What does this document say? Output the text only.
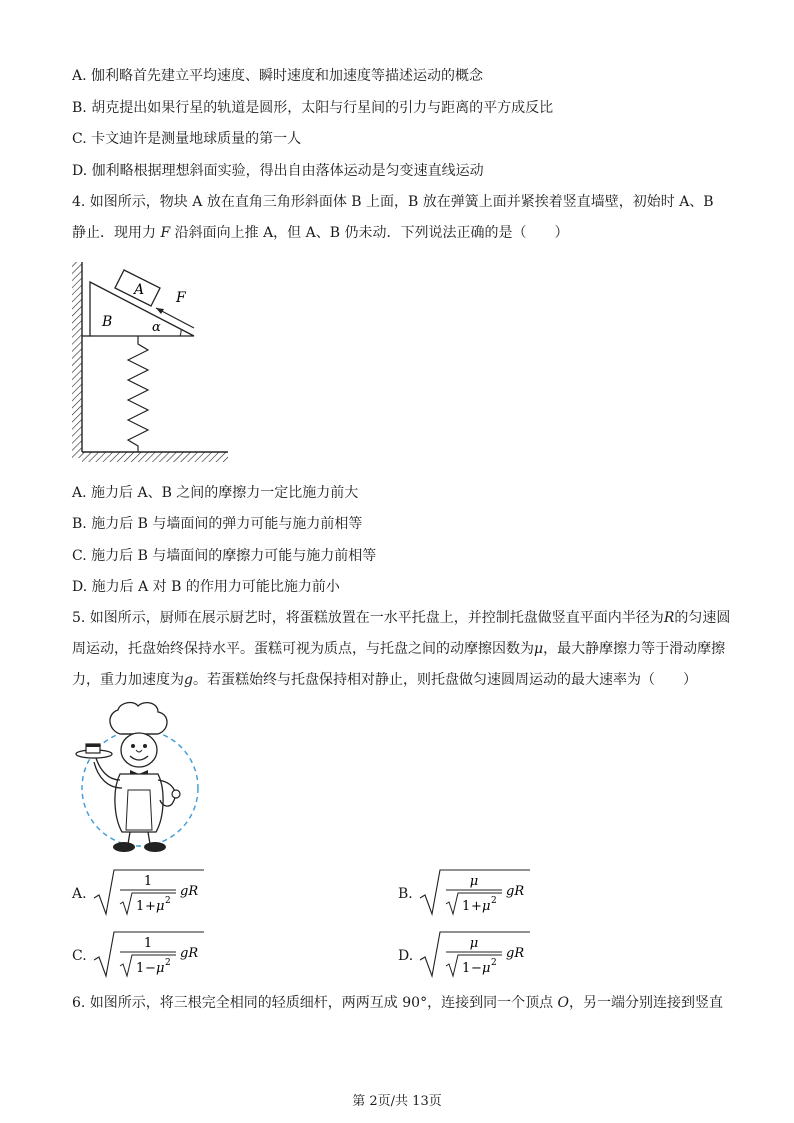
A. 伽利略首先建立平均速度、瞬时速度和加速度等描述运动的概念
B. 胡克提出如果行星的轨道是圆形，太阳与行星间的引力与距离的平方成反比
C. 卡文迪许是测量地球质量的第一人
D. 伽利略根据理想斜面实验，得出自由落体运动是匀变速直线运动
4. 如图所示，物块 A 放在直角三角形斜面体 B 上面，B 放在弹簧上面并紧挨着竖直墙壁，初始时 A、B
静止．现用力 F 沿斜面向上推 A，但 A、B 仍未动．下列说法正确的是（　　）
A F
B	α
A. 施力后 A、B 之间的摩擦力一定比施力前大
B. 施力后 B 与墙面间的弹力可能与施力前相等
C. 施力后 B 与墙面间的摩擦力可能与施力前相等
D. 施力后 A 对 B 的作用力可能比施力前小
5. 如图所示，厨师在展示厨艺时，将蛋糕放置在一水平托盘上，并控制托盘做竖直平面内半径为R的匀速圆周运动，托盘始终保持水平。蛋糕可视为质点，与托盘之间的动摩擦因数为μ，最大静摩擦力等于滑动摩擦力，重力加速度为g。若蛋糕始终与托盘保持相对静止，则托盘做匀速圆周运动的最大速率为（　　）
A.
1
1 + μ 2
gR	B.
μ
1 + μ 2
gR
C.
1
1 − μ 2
gR	D.
μ
1 − μ 2
gR
6. 如图所示，将三根完全相同的轻质细杆，两两互成 90°，连接到同一个顶点 O，另一端分别连接到竖直
第 2页/共 13页
